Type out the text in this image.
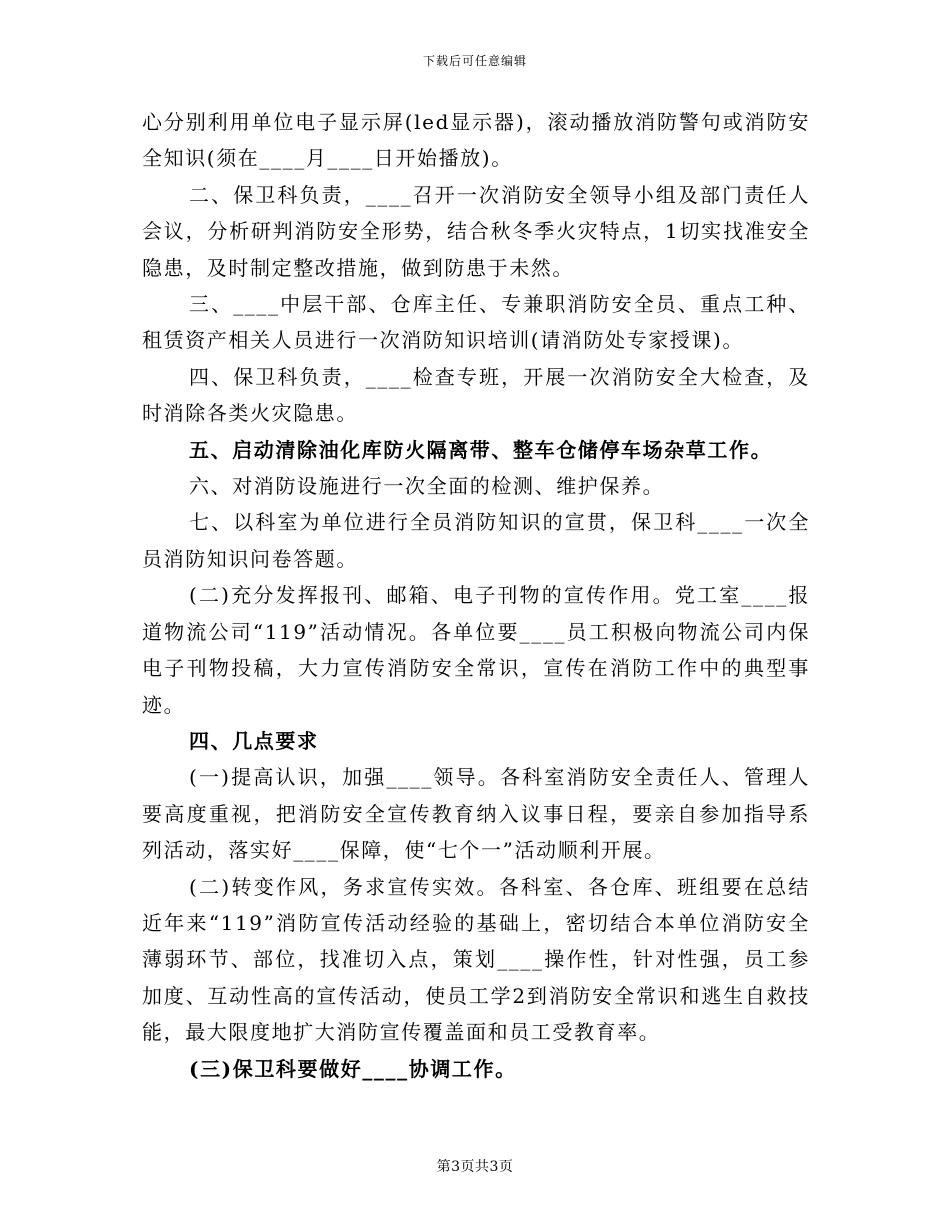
下载后可任意编辑

心分别利用单位电子显示屏(led显示器)，滚动播放消防警句或消防安全知识(须在____月____日开始播放)。

二、保卫科负责，____召开一次消防安全领导小组及部门责任人会议，分析研判消防安全形势，结合秋冬季火灾特点，1切实找准安全隐患，及时制定整改措施，做到防患于未然。

三、____中层干部、仓库主任、专兼职消防安全员、重点工种、租赁资产相关人员进行一次消防知识培训(请消防处专家授课)。

四、保卫科负责，____检查专班，开展一次消防安全大检查，及时消除各类火灾隐患。

五、启动清除油化库防火隔离带、整车仓储停车场杂草工作。

六、对消防设施进行一次全面的检测、维护保养。

七、以科室为单位进行全员消防知识的宣贯，保卫科____一次全员消防知识问卷答题。

(二)充分发挥报刊、邮箱、电子刊物的宣传作用。党工室____报道物流公司“119”活动情况。各单位要____员工积极向物流公司内保电子刊物投稿，大力宣传消防安全常识，宣传在消防工作中的典型事迹。

四、几点要求

(一)提高认识，加强____领导。各科室消防安全责任人、管理人要高度重视，把消防安全宣传教育纳入议事日程，要亲自参加指导系列活动，落实好____保障，使“七个一”活动顺利开展。

(二)转变作风，务求宣传实效。各科室、各仓库、班组要在总结近年来“119”消防宣传活动经验的基础上，密切结合本单位消防安全薄弱环节、部位，找准切入点，策划____操作性，针对性强，员工参加度、互动性高的宣传活动，使员工学2到消防安全常识和逃生自救技能，最大限度地扩大消防宣传覆盖面和员工受教育率。

(三)保卫科要做好____协调工作。

第3页共3页
